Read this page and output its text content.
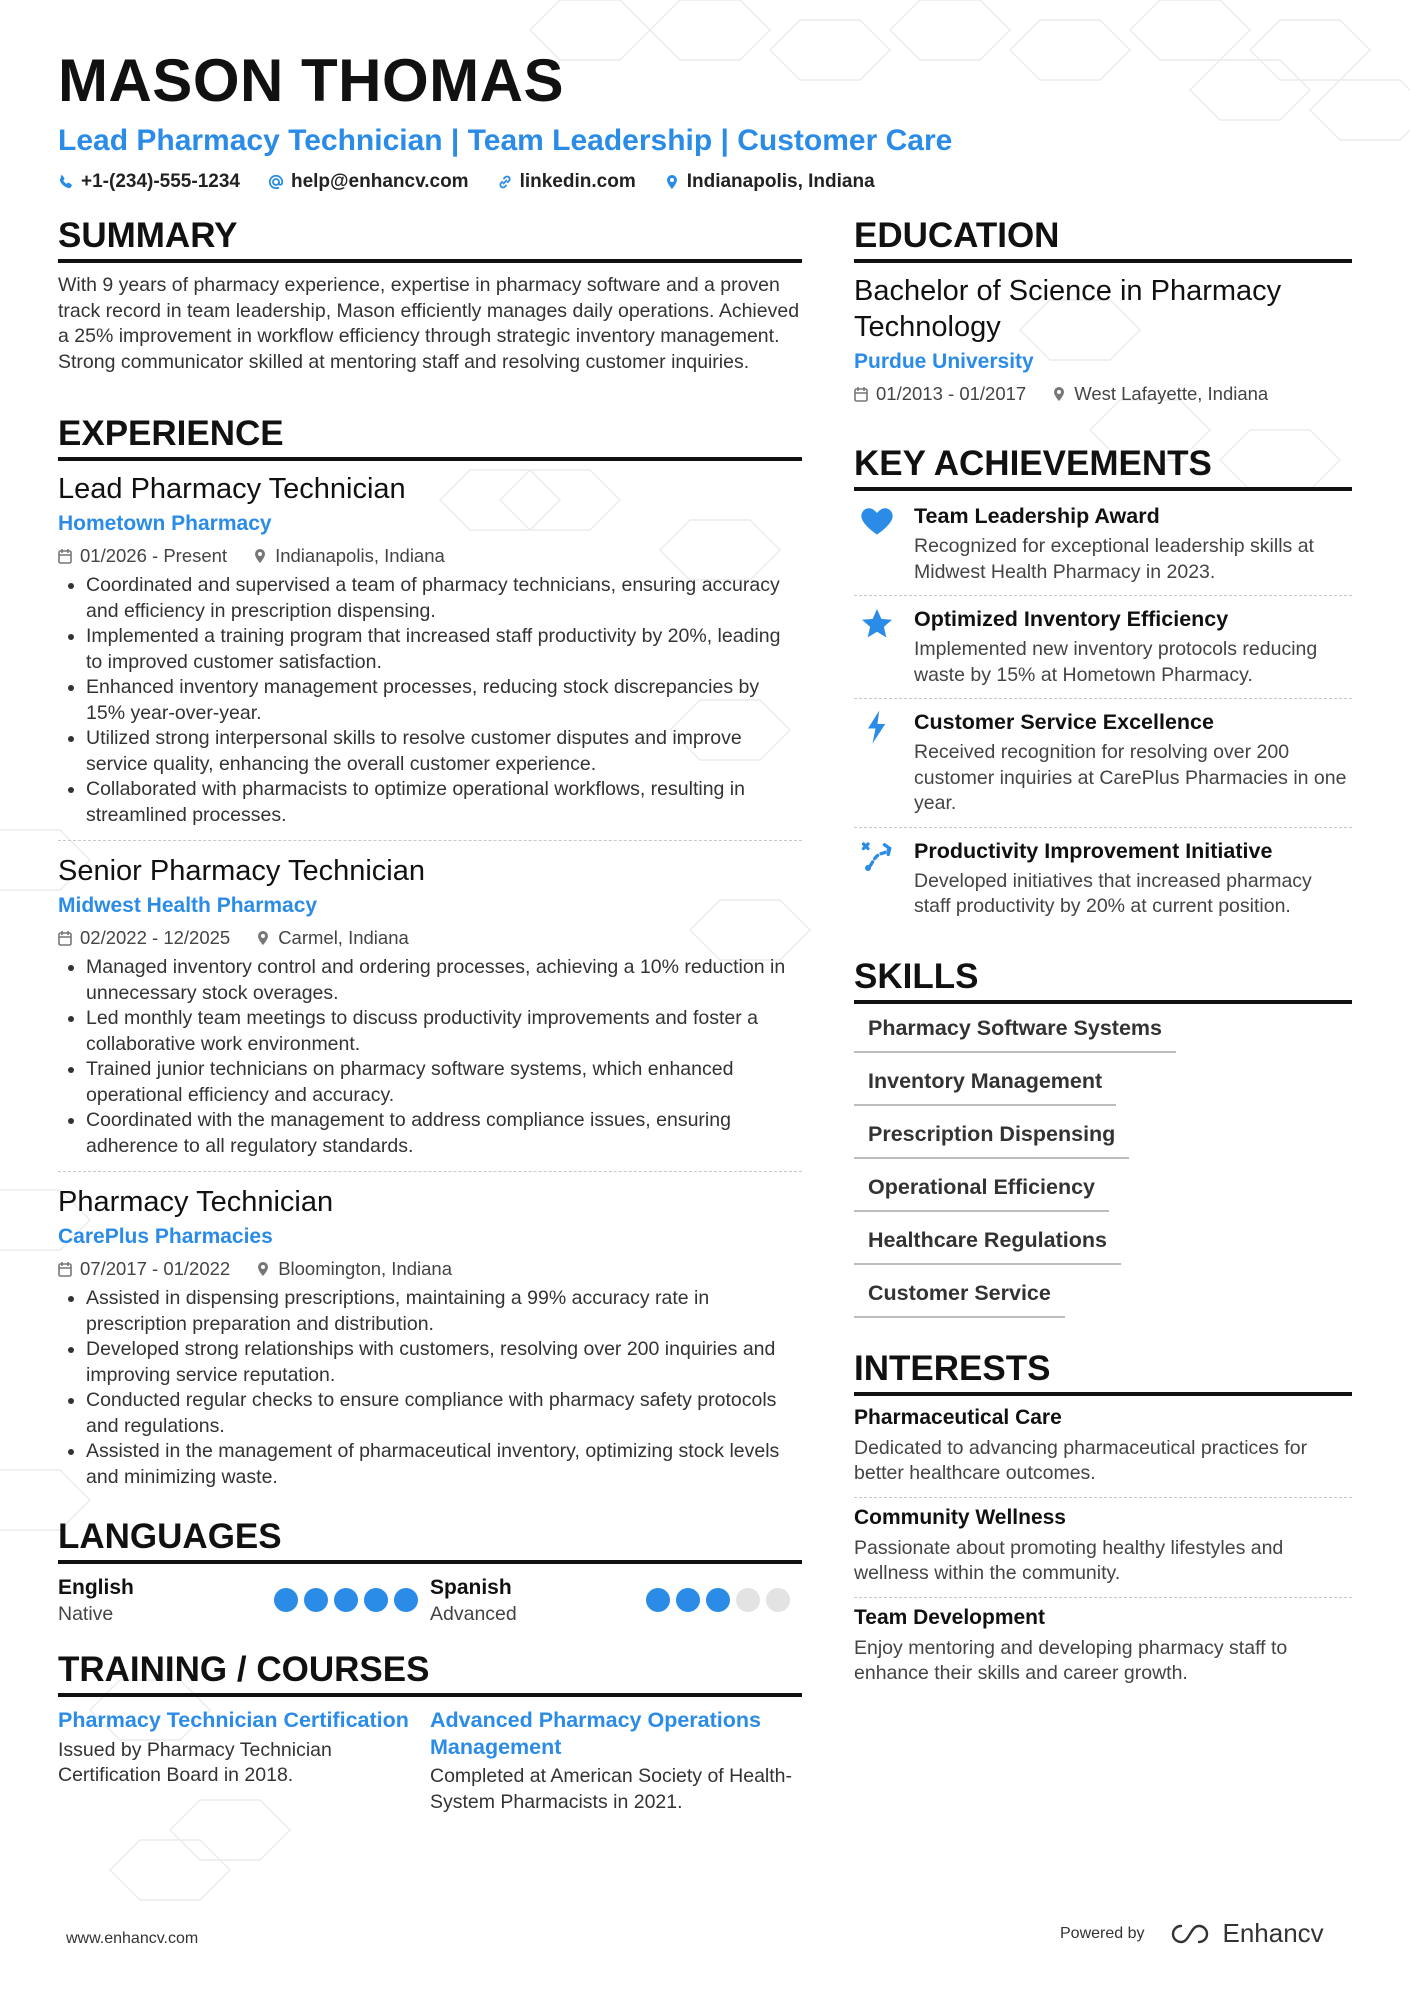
MASON THOMAS
Lead Pharmacy Technician | Team Leadership | Customer Care
+1-(234)-555-1234	help@enhancv.com	linkedin.com	Indianapolis, Indiana
SUMMARY

With 9 years of pharmacy experience, expertise in pharmacy software and a proven track record in team leadership, Mason efficiently manages daily operations. Achieved a 25% improvement in workflow efficiency through strategic inventory management. Strong communicator skilled at mentoring staff and resolving customer inquiries.

EXPERIENCE
Lead Pharmacy Technician
Hometown Pharmacy
01/2026 - Present	Indianapolis, Indiana
• Coordinated and supervised a team of pharmacy technicians, ensuring accuracy and efficiency in prescription dispensing.
• Implemented a training program that increased staff productivity by 20%, leading to improved customer satisfaction.
• Enhanced inventory management processes, reducing stock discrepancies by 15% year-over-year.
• Utilized strong interpersonal skills to resolve customer disputes and improve service quality, enhancing the overall customer experience.
• Collaborated with pharmacists to optimize operational workflows, resulting in streamlined processes.
Senior Pharmacy Technician
Midwest Health Pharmacy
02/2022 - 12/2025	Carmel, Indiana
• Managed inventory control and ordering processes, achieving a 10% reduction in unnecessary stock overages.
• Led monthly team meetings to discuss productivity improvements and foster a collaborative work environment.
• Trained junior technicians on pharmacy software systems, which enhanced operational efficiency and accuracy.
• Coordinated with the management to address compliance issues, ensuring adherence to all regulatory standards.
Pharmacy Technician
CarePlus Pharmacies
07/2017 - 01/2022	Bloomington, Indiana
• Assisted in dispensing prescriptions, maintaining a 99% accuracy rate in prescription preparation and distribution.
• Developed strong relationships with customers, resolving over 200 inquiries and improving service reputation.
• Conducted regular checks to ensure compliance with pharmacy safety protocols and regulations.
• Assisted in the management of pharmaceutical inventory, optimizing stock levels and minimizing waste.
LANGUAGES
English
Native
Spanish
Advanced
TRAINING / COURSES
Pharmacy Technician Certification
Issued by Pharmacy Technician Certification Board in 2018.
Advanced Pharmacy Operations Management
Completed at American Society of Health-System Pharmacists in 2021.
EDUCATION
Bachelor of Science in Pharmacy Technology
Purdue University
01/2013 - 01/2017	West Lafayette, Indiana
KEY ACHIEVEMENTS
Team Leadership Award
Recognized for exceptional leadership skills at Midwest Health Pharmacy in 2023.
Optimized Inventory Efficiency
Implemented new inventory protocols reducing waste by 15% at Hometown Pharmacy.
Customer Service Excellence
Received recognition for resolving over 200 customer inquiries at CarePlus Pharmacies in one year.
Productivity Improvement Initiative
Developed initiatives that increased pharmacy staff productivity by 20% at current position.
SKILLS
Pharmacy Software Systems
Inventory Management
Prescription Dispensing
Operational Efficiency
Healthcare Regulations
Customer Service
INTERESTS
Pharmaceutical Care
Dedicated to advancing pharmaceutical practices for better healthcare outcomes.
Community Wellness
Passionate about promoting healthy lifestyles and wellness within the community.
Team Development
Enjoy mentoring and developing pharmacy staff to enhance their skills and career growth.
www.enhancv.com	Powered by	Enhancv
